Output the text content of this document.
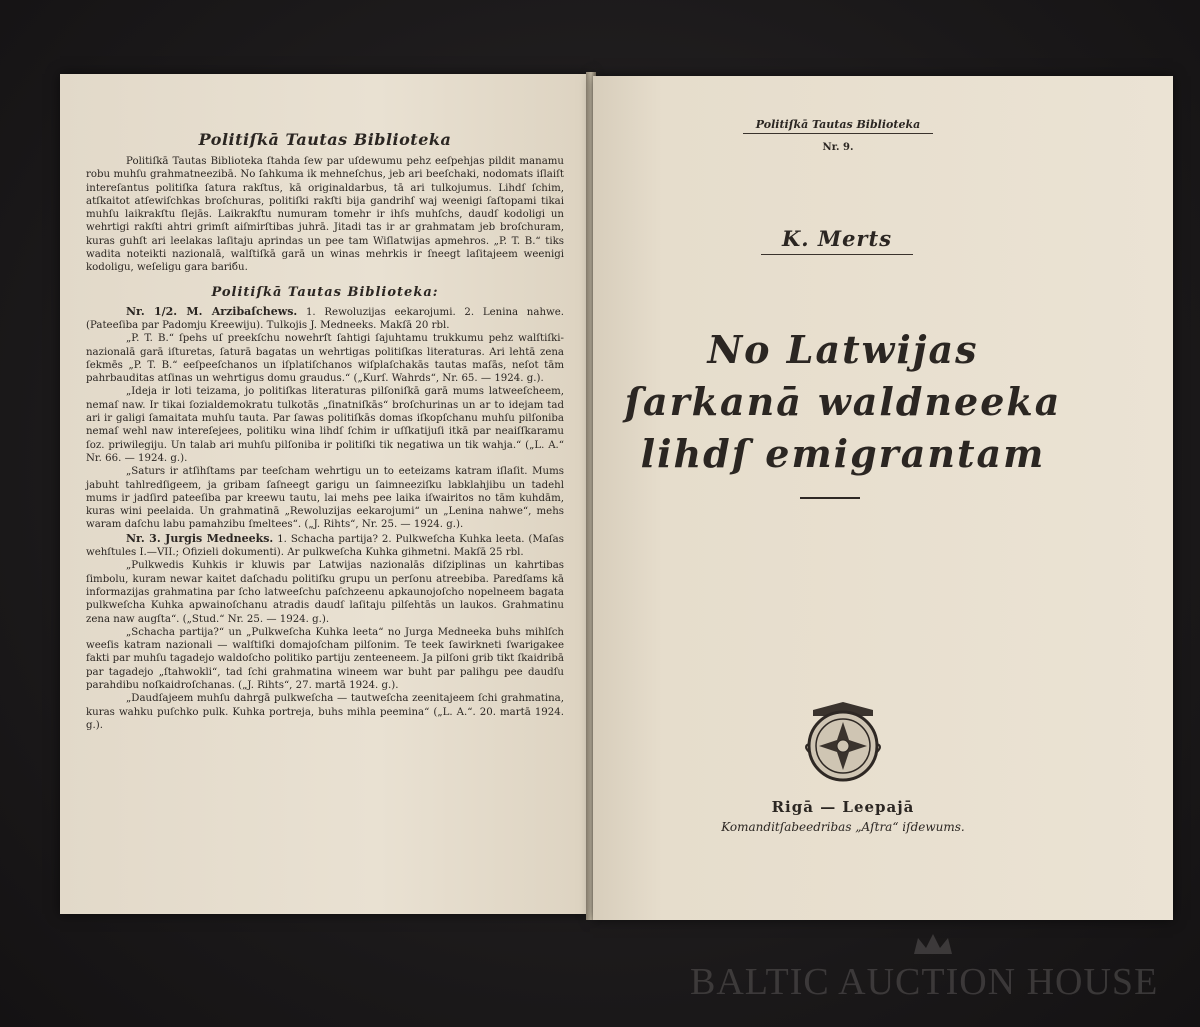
Politiſkā Tautas Bibliotekа

Politiſkā Tautas Biblioteka ſtahda ſew par uſdewumu pehz eeſpehjas pildit manamu robu muhſu grahmatneezibā. No ſahkuma ik mehneſchus, jeb ari beeſchaki, nodomats iſlaiſt intereſantus politiſka ſatura rakſtus, kā originaldarbus, tā ari tulkojumus. Lihdſ ſchim, atſkaitot atſewiſchkas broſchuras, politiſki rakſti bija gandrihſ waj weenigi ſaſtopami tikai muhſu laikrakſtu ſlejās. Laikrakſtu numuram tomehr ir ihſs muhſchs, daudſ kodoligi un wehrtigi rakſti ahtri grimſt aiſmirſtibas juhrā. Jitadi tas ir ar grahmatam jeb broſchuram, kuras guhſt ari leelakas laſitaju aprindas un pee tam Wiſlatwijas apmehros. „P. T. B.“ tiks wadita noteikti nazionalā, walſtiſkā garā un winas mehrkis ir ſneegt laſitajeem weenigi kodoligu, weſeligu gara bariбu.

Politiſkā Tautas Biblioteka:

Nr. 1/2. M. Arzibaſchews. 1. Rewoluzijas eekarojumi. 2. Lenina nahwe. (Pateeſiba par Padomju Kreewiju). Tulkojis J. Medneeks. Makſā 20 rbl.

„P. T. B.“ ſpehs uſ preekſchu nowehrſt ſahtigi ſajuhtamu trukkumu pehz walſtiſki-nazionalā garā iſturetas, ſaturā bagatas un wehrtigas politiſkas literaturas. Ari lehtā zena ſekmēs „P. T. B.“ eeſpeeſchanos un iſplatiſchanos wiſplaſchakās tautas maſās, neſot tām pahrbauditas atſinas un wehrtigus domu graudus.“ („Kurſ. Wahrds“, Nr. 65. — 1924. g.).

„Ideja ir loti teizama, jo politiſkas literaturas pilſoniſkā garā mums latweeſcheem, nemaſ naw. Ir tikai ſozialdemokratu tulkotās „ſinatniſkās“ broſchurinas un ar to idejam tad ari ir galigi ſamaitata muhſu tauta. Par ſawas politiſkās domas iſkopſchanu muhſu pilſoniba nemaſ wehl naw intereſejees, politiku wina lihdſ ſchim ir uſſkatijuſi itkā par neaiſſkaramu ſoz. priwilegiju. Un talab ari muhſu pilſoniba ir politiſki tik negatiwa un tik wahja.“ („L. A.“ Nr. 66. — 1924. g.).

„Saturs ir atſihſtams par teeſcham wehrtigu un to eeteizams katram iſlaſit. Mums jabuht tahlredſigeem, ja gribam ſaſneegt garigu un ſaimneeziſku labklahjibu un tadehl mums ir jadſird pateeſiba par kreewu tautu, lai mehs pee laika iſwairitos no tām kuhdām, kuras wini peelaida. Un grahmatinā „Rewoluzijas eekarojumi“ un „Lenina nahwe“, mehs waram daſchu labu pamahzibu ſmeltees“. („J. Rihts“, Nr. 25. — 1924. g.).

Nr. 3. Jurgis Medneeks. 1. Schacha partija? 2. Pulkweſcha Kuhka leeta. (Maſas wehſtules I.—VII.; Ofizieli dokumenti). Ar pulkweſcha Kuhka gihmetni. Makſā 25 rbl.

„Pulkwedis Kuhkis ir kluwis par Latwijas nazionalās diſziplinas un kahrtibas ſimbolu, kuram newar kaitet daſchadu politiſku grupu un perſonu atreebiba. Paredſams kā informazijas grahmatina par ſcho latweeſchu paſchzeenu apkaunojoſcho nopelneem bagata pulkweſcha Kuhka apwainoſchanu atradis daudſ laſitaju pilſehtās un laukos. Grahmatinu zena naw augſta“. („Stud.“ Nr. 25. — 1924. g.).

„Schacha partija?“ un „Pulkweſcha Kuhka leeta“ no Jurga Medneeka buhs mihlſch weeſis katram nazionali — walſtiſki domajoſcham pilſonim. Te teek ſawirkneti ſwarigakee fakti par muhſu tagadejo waldoſcho politiko partiju zenteeneem. Ja pilſoni grib tikt ſkaidribā par tagadejo „ſtahwokli“, tad ſchi grahmatina wineem war buht par palihgu pee daudſu parahdibu noſkaidroſchanas. („J. Rihts“, 27. martā 1924. g.).

„Daudſajeem muhſu dahrgā pulkweſcha — tautweſcha zeenitajeem ſchi grahmatina, kuras wahku puſchko pulk. Kuhka portreja, buhs mihla peemina“ („L. A.“. 20. martā 1924. g.).

Politiſkā Tautas Biblioteka
Nr. 9.
K. Merts
No Latwijas
ſarkanā waldneeka
lihdſ emigrantam
Rigā — Leepajā
Komanditſabeedribas „Aſtra“ iſdewums.
BALTIC AUCTION HOUSE
